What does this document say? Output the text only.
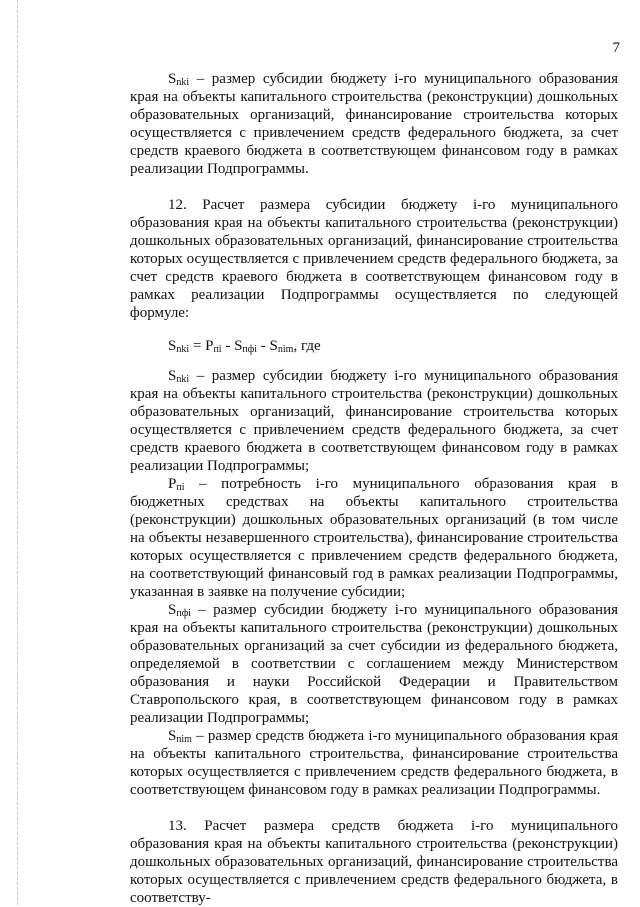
7

$S_{nki}$ – размер субсидии бюджету i-го муниципального образования края на объекты капитального строительства (реконструкции) дошкольных образовательных организаций, финансирование строительства которых осуществляется с привлечением средств федерального бюджета, за счет средств краевого бюджета в соответствующем финансовом году в рамках реализации Подпрограммы.

12. Расчет размера субсидии бюджету i-го муниципального образования края на объекты капитального строительства (реконструкции) дошкольных образовательных организаций, финансирование строительства которых осуществляется с привлечением средств федерального бюджета, за счет средств краевого бюджета в соответствующем финансовом году в рамках реализации Подпрограммы осуществляется по следующей формуле:

$S_{nki} = P_{пi} - S_{пфi} - S_{nim}$, где

$S_{nki}$ – размер субсидии бюджету i-го муниципального образования края на объекты капитального строительства (реконструкции) дошкольных образовательных организаций, финансирование строительства которых осуществляется с привлечением средств федерального бюджета, за счет средств краевого бюджета в соответствующем финансовом году в рамках реализации Подпрограммы;

$P_{пi}$ – потребность i-го муниципального образования края в бюджетных средствах на объекты капитального строительства (реконструкции) дошкольных образовательных организаций (в том числе на объекты незавершенного строительства), финансирование строительства которых осуществляется с привлечением средств федерального бюджета, на соответствующий финансовый год в рамках реализации Подпрограммы, указанная в заявке на получение субсидии;

$S_{пфi}$ – размер субсидии бюджету i-го муниципального образования края на объекты капитального строительства (реконструкции) дошкольных образовательных организаций за счет субсидии из федерального бюджета, определяемой в соответствии с соглашением между Министерством образования и науки Российской Федерации и Правительством Ставропольского края, в соответствующем финансовом году в рамках реализации Подпрограммы;

$S_{nim}$ – размер средств бюджета i-го муниципального образования края на объекты капитального строительства, финансирование строительства которых осуществляется с привлечением средств федерального бюджета, в соответствующем финансовом году в рамках реализации Подпрограммы.

13. Расчет размера средств бюджета i-го муниципального образования края на объекты капитального строительства (реконструкции) дошкольных образовательных организаций, финансирование строительства которых осуществляется с привлечением средств федерального бюджета, в соответству-
